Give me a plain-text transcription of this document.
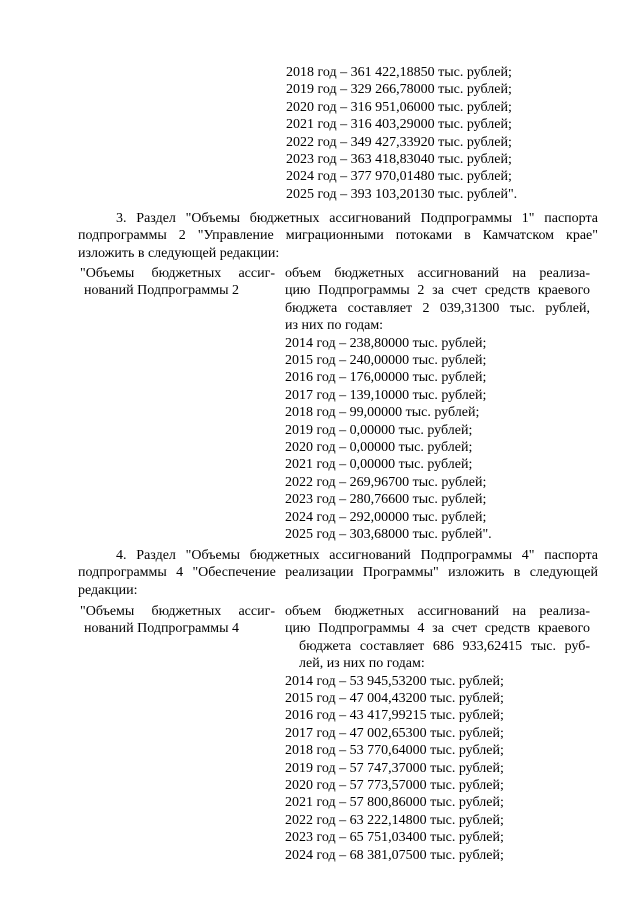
2018 год – 361 422,18850 тыс. рублей;
2019 год – 329 266,78000 тыс. рублей;
2020 год – 316 951,06000 тыс. рублей;
2021 год – 316 403,29000 тыс. рублей;
2022 год – 349 427,33920 тыс. рублей;
2023 год – 363 418,83040 тыс. рублей;
2024 год – 377 970,01480 тыс. рублей;
2025 год – 393 103,20130 тыс. рублей".
3. Раздел "Объемы бюджетных ассигнований Подпрограммы 1" паспорта
подпрограммы 2 "Управление миграционными потоками в Камчатском крае"
изложить в следующей редакции:
"Объемы бюджетных ассиг-
нований Подпрограммы 2
объем бюджетных ассигнований на реализа-
цию Подпрограммы 2 за счет средств краевого
бюджета составляет 2 039,31300 тыс. рублей,
из них по годам:
2014 год – 238,80000 тыс. рублей;
2015 год – 240,00000 тыс. рублей;
2016 год – 176,00000 тыс. рублей;
2017 год – 139,10000 тыс. рублей;
2018 год – 99,00000 тыс. рублей;
2019 год – 0,00000 тыс. рублей;
2020 год – 0,00000 тыс. рублей;
2021 год – 0,00000 тыс. рублей;
2022 год – 269,96700 тыс. рублей;
2023 год – 280,76600 тыс. рублей;
2024 год – 292,00000 тыс. рублей;
2025 год – 303,68000 тыс. рублей".
4. Раздел "Объемы бюджетных ассигнований Подпрограммы 4" паспорта
подпрограммы 4 "Обеспечение реализации Программы" изложить в следующей
редакции:
"Объемы бюджетных ассиг-
нований Подпрограммы 4
объем бюджетных ассигнований на реализа-
цию Подпрограммы 4 за счет средств краевого
бюджета составляет 686 933,62415 тыс. руб-
лей, из них по годам:
2014 год – 53 945,53200 тыс. рублей;
2015 год – 47 004,43200 тыс. рублей;
2016 год – 43 417,99215 тыс. рублей;
2017 год – 47 002,65300 тыс. рублей;
2018 год – 53 770,64000 тыс. рублей;
2019 год – 57 747,37000 тыс. рублей;
2020 год – 57 773,57000 тыс. рублей;
2021 год – 57 800,86000 тыс. рублей;
2022 год – 63 222,14800 тыс. рублей;
2023 год – 65 751,03400 тыс. рублей;
2024 год – 68 381,07500 тыс. рублей;
